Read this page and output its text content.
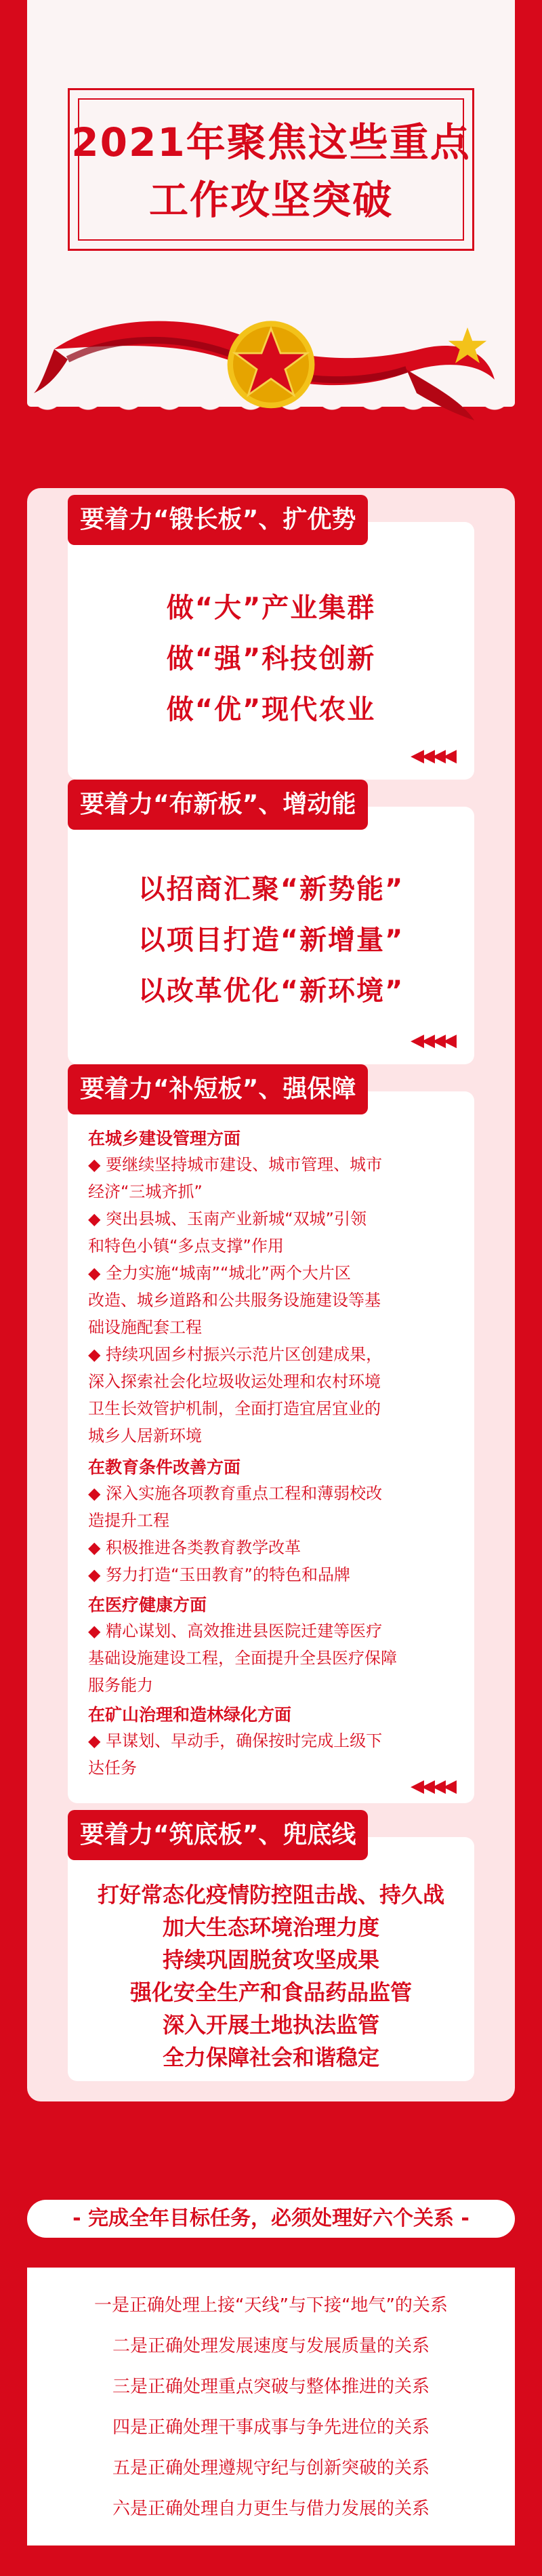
2021年聚焦这些重点
工作攻坚突破
要着力“锻长板”、扩优势
做“大”产业集群
做“强”科技创新
做“优”现代农业
◀◀◀◀
要着力“布新板”、增动能
以招商汇聚“新势能”
以项目打造“新增量”
以改革优化“新环境”
◀◀◀◀
要着力“补短板”、强保障
在城乡建设管理方面
◆ 要继续坚持城市建设、城市管理、城市
经济“三城齐抓”
◆ 突出县城、玉南产业新城“双城”引领
和特色小镇“多点支撑”作用
◆ 全力实施“城南”“城北”两个大片区
改造、城乡道路和公共服务设施建设等基
础设施配套工程
◆ 持续巩固乡村振兴示范片区创建成果，
深入探索社会化垃圾收运处理和农村环境
卫生长效管护机制，全面打造宜居宜业的
城乡人居新环境
在教育条件改善方面
◆ 深入实施各项教育重点工程和薄弱校改
造提升工程
◆ 积极推进各类教育教学改革
◆ 努力打造“玉田教育”的特色和品牌
在医疗健康方面
◆ 精心谋划、高效推进县医院迁建等医疗
基础设施建设工程，全面提升全县医疗保障
服务能力
在矿山治理和造林绿化方面
◆ 早谋划、早动手，确保按时完成上级下
达任务
◀◀◀◀
要着力“筑底板”、兜底线
打好常态化疫情防控阻击战、持久战
加大生态环境治理力度
持续巩固脱贫攻坚成果
强化安全生产和食品药品监管
深入开展土地执法监管
全力保障社会和谐稳定
- 完成全年目标任务，必须处理好六个关系 -
一是正确处理上接“天线”与下接“地气”的关系
二是正确处理发展速度与发展质量的关系
三是正确处理重点突破与整体推进的关系
四是正确处理干事成事与争先进位的关系
五是正确处理遵规守纪与创新突破的关系
六是正确处理自力更生与借力发展的关系
